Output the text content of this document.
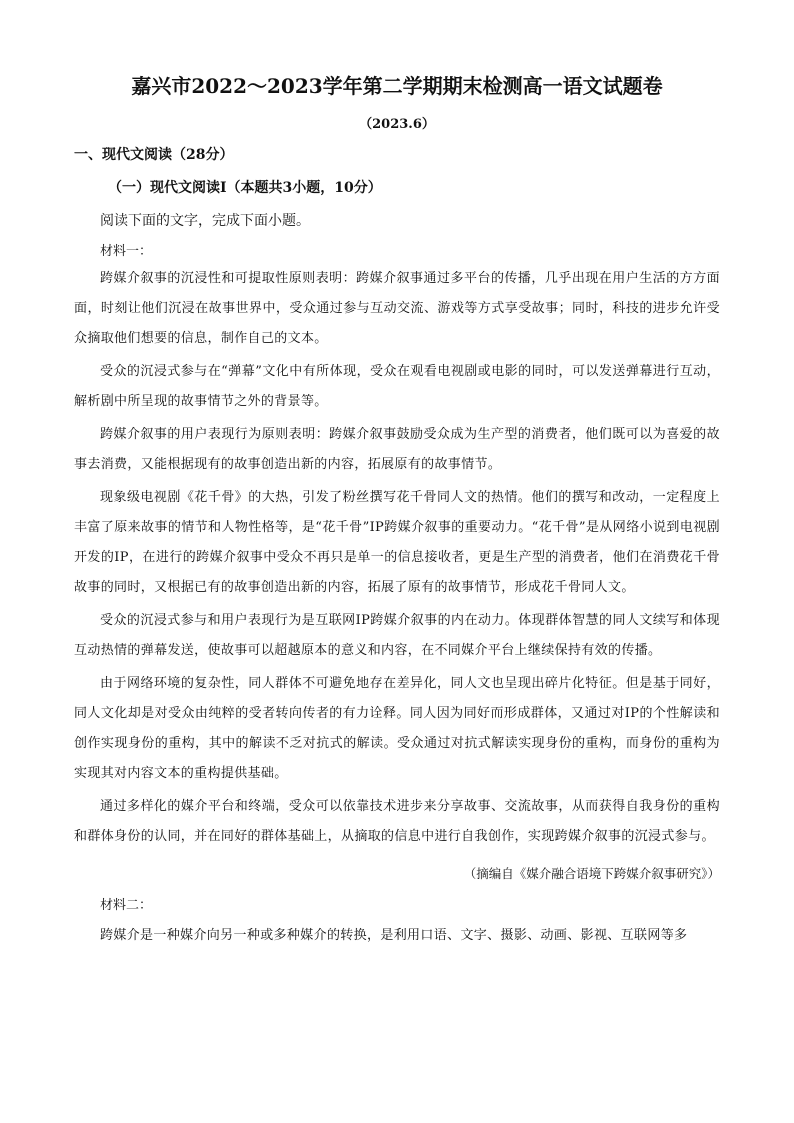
嘉兴市2022～2023学年第二学期期末检测高一语文试题卷
（2023.6）
一、现代文阅读（28分）
（一）现代文阅读Ⅰ（本题共3小题，10分）
阅读下面的文字，完成下面小题。
材料一：

跨媒介叙事的沉浸性和可提取性原则表明：跨媒介叙事通过多平台的传播，几乎出现在用户生活的方方面面，时刻让他们沉浸在故事世界中，受众通过参与互动交流、游戏等方式享受故事；同时，科技的进步允许受众摘取他们想要的信息，制作自己的文本。

受众的沉浸式参与在“弹幕”文化中有所体现，受众在观看电视剧或电影的同时，可以发送弹幕进行互动，解析剧中所呈现的故事情节之外的背景等。

跨媒介叙事的用户表现行为原则表明：跨媒介叙事鼓励受众成为生产型的消费者，他们既可以为喜爱的故事去消费，又能根据现有的故事创造出新的内容，拓展原有的故事情节。

现象级电视剧《花千骨》的大热，引发了粉丝撰写花千骨同人文的热情。他们的撰写和改动，一定程度上丰富了原来故事的情节和人物性格等，是“花千骨”IP跨媒介叙事的重要动力。“花千骨”是从网络小说到电视剧开发的IP，在进行的跨媒介叙事中受众不再只是单一的信息接收者，更是生产型的消费者，他们在消费花千骨故事的同时，又根据已有的故事创造出新的内容，拓展了原有的故事情节，形成花千骨同人文。

受众的沉浸式参与和用户表现行为是互联网IP跨媒介叙事的内在动力。体现群体智慧的同人文续写和体现互动热情的弹幕发送，使故事可以超越原本的意义和内容，在不同媒介平台上继续保持有效的传播。

由于网络环境的复杂性，同人群体不可避免地存在差异化，同人文也呈现出碎片化特征。但是基于同好，同人文化却是对受众由纯粹的受者转向传者的有力诠释。同人因为同好而形成群体，又通过对IP的个性解读和创作实现身份的重构，其中的解读不乏对抗式的解读。受众通过对抗式解读实现身份的重构，而身份的重构为实现其对内容文本的重构提供基础。

通过多样化的媒介平台和终端，受众可以依靠技术进步来分享故事、交流故事，从而获得自我身份的重构和群体身份的认同，并在同好的群体基础上，从摘取的信息中进行自我创作，实现跨媒介叙事的沉浸式参与。

（摘编自《媒介融合语境下跨媒介叙事研究》）
材料二：

跨媒介是一种媒介向另一种或多种媒介的转换，是利用口语、文字、摄影、动画、影视、互联网等多
